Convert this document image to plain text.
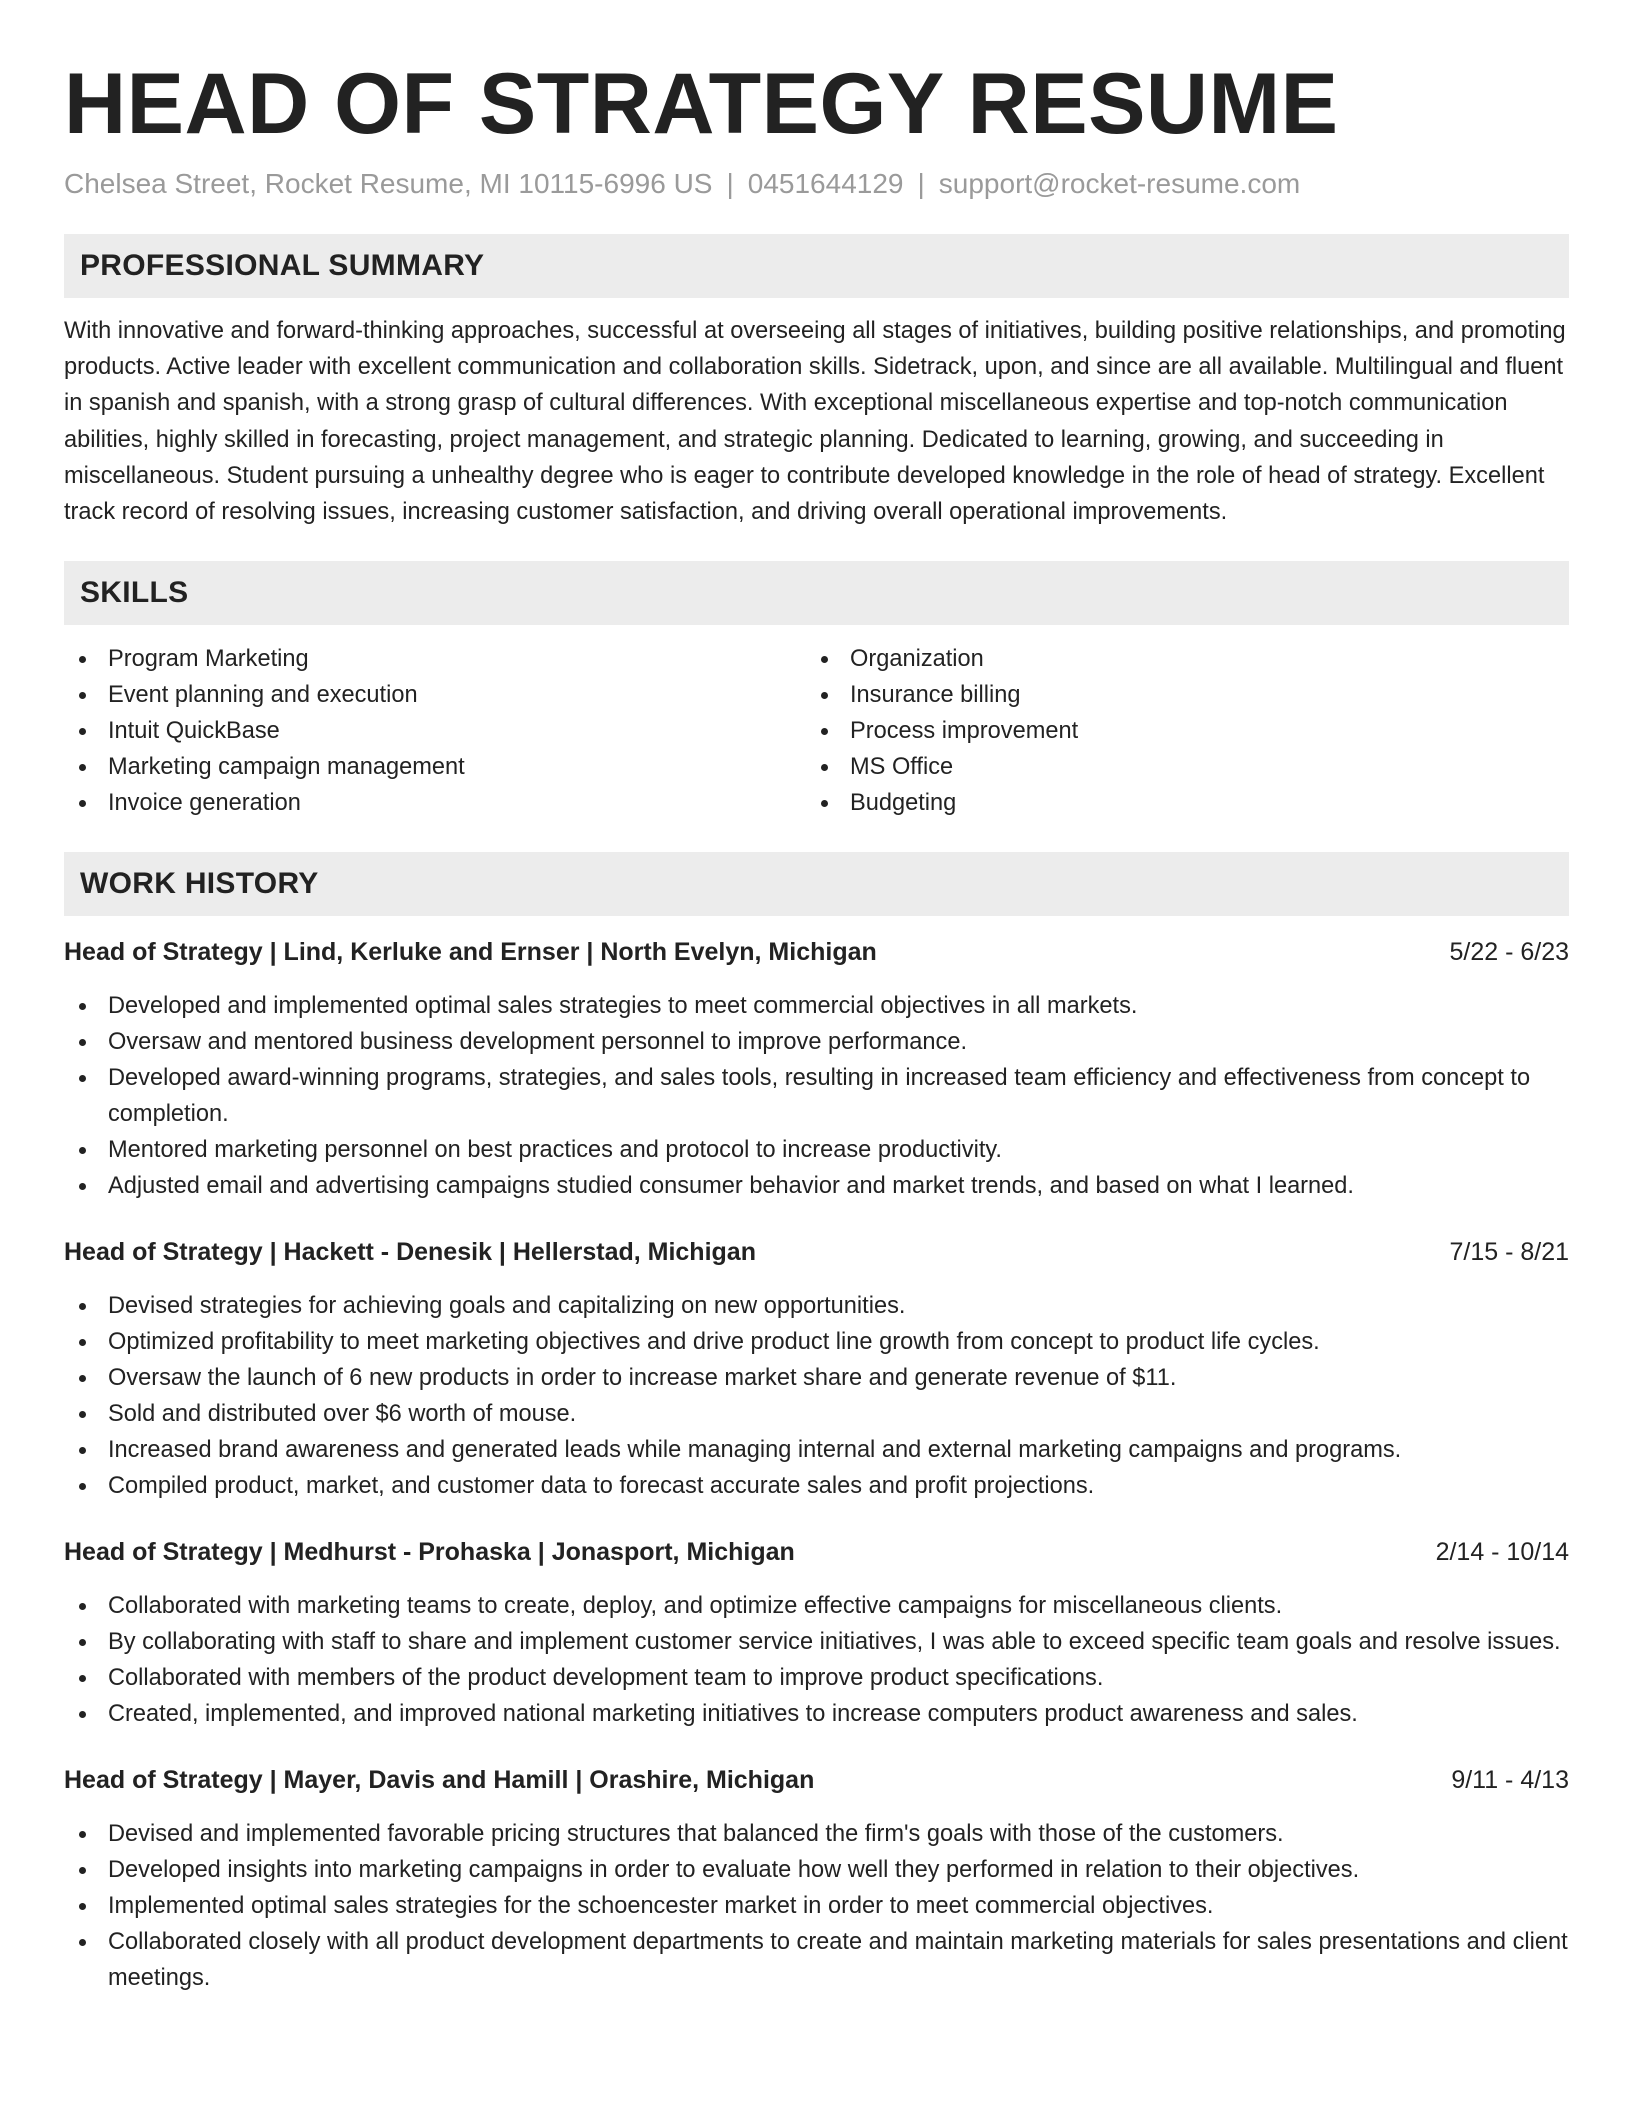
HEAD OF STRATEGY RESUME
Chelsea Street, Rocket Resume, MI 10115-6996 US | 0451644129 | support@rocket-resume.com
PROFESSIONAL SUMMARY

With innovative and forward-thinking approaches, successful at overseeing all stages of initiatives, building positive relationships, and promoting products. Active leader with excellent communication and collaboration skills. Sidetrack, upon, and since are all available. Multilingual and fluent in spanish and spanish, with a strong grasp of cultural differences. With exceptional miscellaneous expertise and top-notch communication abilities, highly skilled in forecasting, project management, and strategic planning. Dedicated to learning, growing, and succeeding in miscellaneous. Student pursuing a unhealthy degree who is eager to contribute developed knowledge in the role of head of strategy. Excellent track record of resolving issues, increasing customer satisfaction, and driving overall operational improvements.

SKILLS
Program Marketing
Event planning and execution
Intuit QuickBase
Marketing campaign management
Invoice generation
Organization
Insurance billing
Process improvement
MS Office
Budgeting
WORK HISTORY
Head of Strategy | Lind, Kerluke and Ernser | North Evelyn, Michigan	5/22 - 6/23
Developed and implemented optimal sales strategies to meet commercial objectives in all markets.
Oversaw and mentored business development personnel to improve performance.
Developed award-winning programs, strategies, and sales tools, resulting in increased team efficiency and effectiveness from concept to completion.
Mentored marketing personnel on best practices and protocol to increase productivity.
Adjusted email and advertising campaigns studied consumer behavior and market trends, and based on what I learned.
Head of Strategy | Hackett - Denesik | Hellerstad, Michigan	7/15 - 8/21
Devised strategies for achieving goals and capitalizing on new opportunities.
Optimized profitability to meet marketing objectives and drive product line growth from concept to product life cycles.
Oversaw the launch of 6 new products in order to increase market share and generate revenue of $11.
Sold and distributed over $6 worth of mouse.
Increased brand awareness and generated leads while managing internal and external marketing campaigns and programs.
Compiled product, market, and customer data to forecast accurate sales and profit projections.
Head of Strategy | Medhurst - Prohaska | Jonasport, Michigan	2/14 - 10/14
Collaborated with marketing teams to create, deploy, and optimize effective campaigns for miscellaneous clients.
By collaborating with staff to share and implement customer service initiatives, I was able to exceed specific team goals and resolve issues.
Collaborated with members of the product development team to improve product specifications.
Created, implemented, and improved national marketing initiatives to increase computers product awareness and sales.
Head of Strategy | Mayer, Davis and Hamill | Orashire, Michigan	9/11 - 4/13
Devised and implemented favorable pricing structures that balanced the firm's goals with those of the customers.
Developed insights into marketing campaigns in order to evaluate how well they performed in relation to their objectives.
Implemented optimal sales strategies for the schoencester market in order to meet commercial objectives.
Collaborated closely with all product development departments to create and maintain marketing materials for sales presentations and client meetings.
